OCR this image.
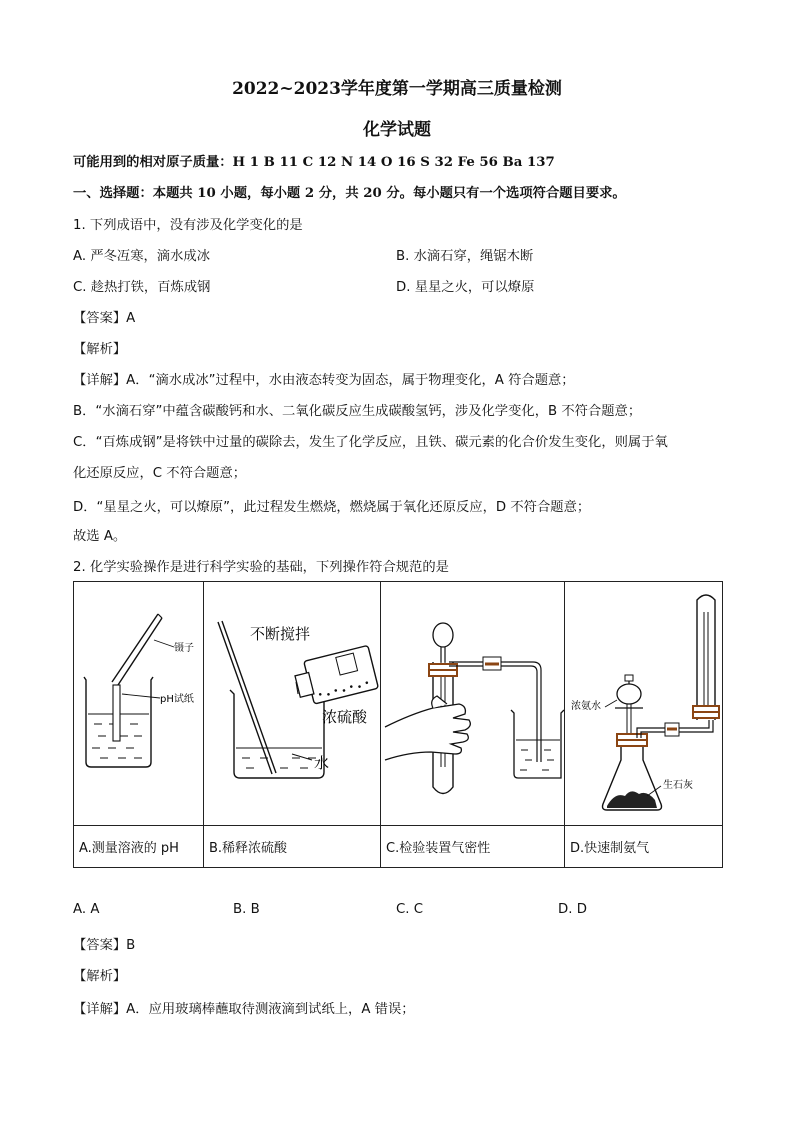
2022~2023学年度第一学期高三质量检测
化学试题
可能用到的相对原子质量：H 1 B 11 C 12 N 14 O 16 S 32 Fe 56 Ba 137
一、选择题：本题共 10 小题，每小题 2 分，共 20 分。每小题只有一个选项符合题目要求。
1. 下列成语中，没有涉及化学变化的是
A. 严冬冱寒，滴水成冰	B. 水滴石穿，绳锯木断
C. 趁热打铁，百炼成钢	D. 星星之火，可以燎原
【答案】A
【解析】
【详解】A．“滴水成冰”过程中，水由液态转变为固态，属于物理变化，A 符合题意；
B．“水滴石穿”中蕴含碳酸钙和水、二氧化碳反应生成碳酸氢钙，涉及化学变化，B 不符合题意；
C．“百炼成钢”是将铁中过量的碳除去，发生了化学反应，且铁、碳元素的化合价发生变化，则属于氧
化还原反应，C 不符合题意；
D．“星星之火，可以燎原”，此过程发生燃烧，燃烧属于氧化还原反应，D 不符合题意；
故选 A。
2. 化学实验操作是进行科学实验的基础，下列操作符合规范的是
镊子
pH试纸	不断搅拌
浓硫酸
水		浓氨水
生石灰

A.测量溶液的 pH	B.稀释浓硫酸	C.检验装置气密性	D.快速制氨气
A. A	B. B	C. C	D. D
【答案】B
【解析】
【详解】A．应用玻璃棒蘸取待测液滴到试纸上，A 错误；
